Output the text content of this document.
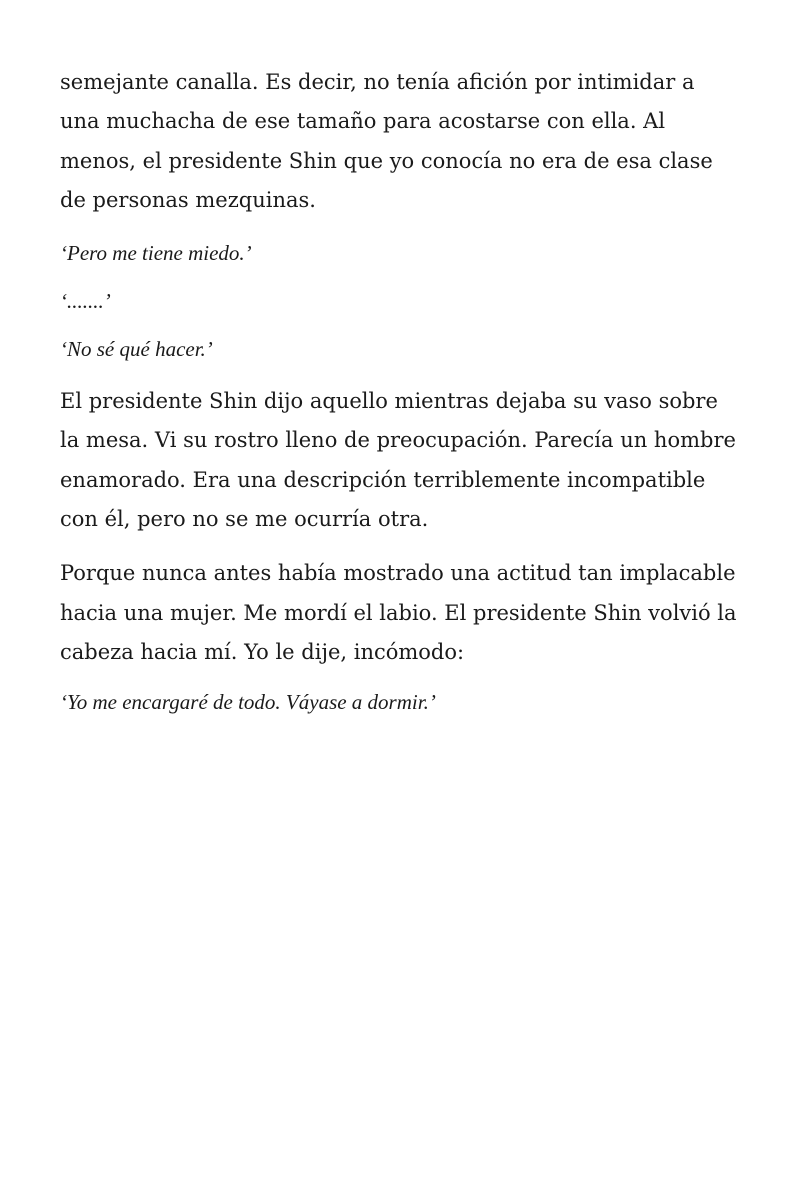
semejante canalla. Es decir, no tenía afición por intimidar a una muchacha de ese tamaño para acostarse con ella. Al menos, el presidente Shin que yo conocía no era de esa clase de personas mezquinas.

‘Pero me tiene miedo.’

‘.......’

‘No sé qué hacer.’

El presidente Shin dijo aquello mientras dejaba su vaso sobre la mesa. Vi su rostro lleno de preocupación. Parecía un hombre enamorado. Era una descripción terriblemente incompatible con él, pero no se me ocurría otra.

Porque nunca antes había mostrado una actitud tan implacable hacia una mujer. Me mordí el labio. El presidente Shin volvió la cabeza hacia mí. Yo le dije, incómodo:

‘Yo me encargaré de todo. Váyase a dormir.’
